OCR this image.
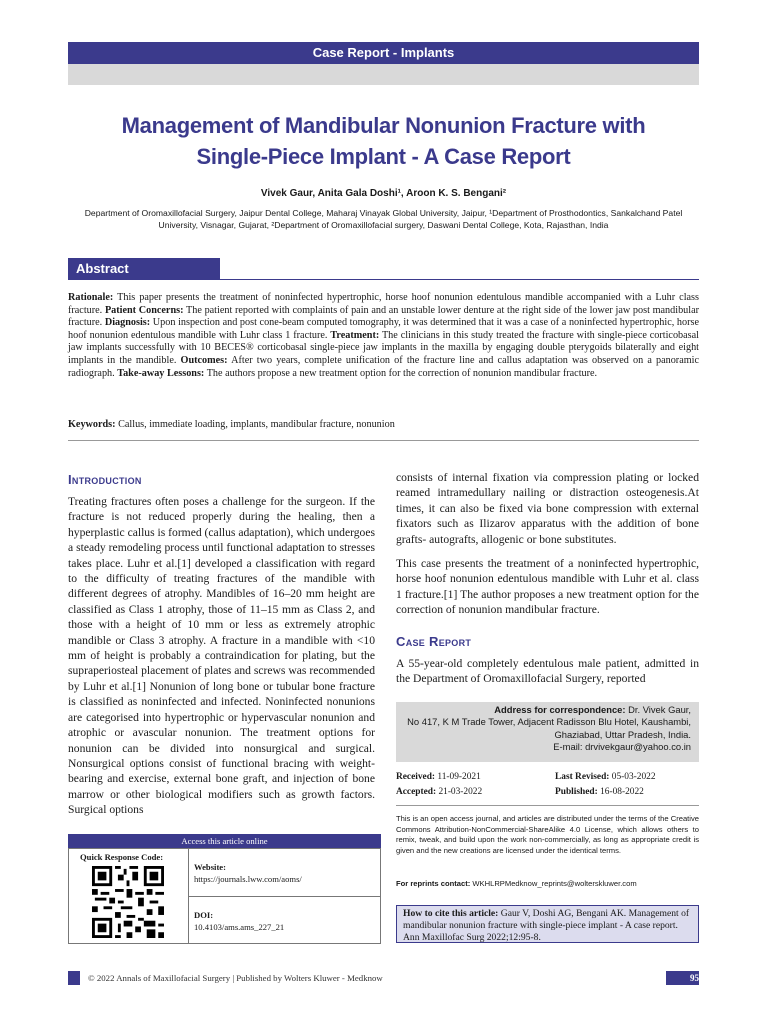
Case Report - Implants
Management of Mandibular Nonunion Fracture with
Single-Piece Implant - A Case Report
Vivek Gaur, Anita Gala Doshi¹, Aroon K. S. Bengani²
Department of Oromaxillofacial Surgery, Jaipur Dental College, Maharaj Vinayak Global University, Jaipur, ¹Department of Prosthodontics, Sankalchand Patel
University, Visnagar, Gujarat, ²Department of Oromaxillofacial surgery, Daswani Dental College, Kota, Rajasthan, India
Abstract
Rationale: This paper presents the treatment of noninfected hypertrophic, horse hoof nonunion edentulous mandible accompanied with a Luhr class fracture. Patient Concerns: The patient reported with complaints of pain and an unstable lower denture at the right side of the lower jaw post mandibular fracture. Diagnosis: Upon inspection and post cone-beam computed tomography, it was determined that it was a case of a noninfected hypertrophic, horse hoof nonunion edentulous mandible with Luhr class 1 fracture. Treatment: The clinicians in this study treated the fracture with single-piece corticobasal jaw implants successfully with 10 BECES® corticobasal single-piece jaw implants in the maxilla by engaging double pterygoids bilaterally and eight implants in the mandible. Outcomes: After two years, complete unification of the fracture line and callus adaptation was observed on a panoramic radiograph. Take-away Lessons: The authors propose a new treatment option for the correction of nonunion mandibular fracture.
Keywords: Callus, immediate loading, implants, mandibular fracture, nonunion
Introduction
Treating fractures often poses a challenge for the surgeon. If the fracture is not reduced properly during the healing, then a hyperplastic callus is formed (callus adaptation), which undergoes a steady remodeling process until functional adaptation to stresses takes place. Luhr et al.[1] developed a classification with regard to the difficulty of treating fractures of the mandible with different degrees of atrophy. Mandibles of 16–20 mm height are classified as Class 1 atrophy, those of 11–15 mm as Class 2, and those with a height of 10 mm or less as extremely atrophic mandible or Class 3 atrophy. A fracture in a mandible with <10 mm of height is probably a contraindication for plating, but the supraperiosteal placement of plates and screws was recommended by Luhr et al.[1] Nonunion of long bone or tubular bone fracture is classified as noninfected and infected. Noninfected nonunions are categorised into hypertrophic or hypervascular nonunion and atrophic or avascular nonunion. The treatment options for nonunion can be divided into nonsurgical and surgical. Nonsurgical options consist of functional bracing with weight-bearing and exercise, external bone graft, and injection of bone marrow or other biological modifiers such as growth factors. Surgical options
consists of internal fixation via compression plating or locked reamed intramedullary nailing or distraction osteogenesis.At times, it can also be fixed via bone compression with external fixators such as Ilizarov apparatus with the addition of bone grafts- autografts, allogenic or bone substitutes.
This case presents the treatment of a noninfected hypertrophic, horse hoof nonunion edentulous mandible with Luhr et al. class 1 fracture.[1] The author proposes a new treatment option for the correction of nonunion mandibular fracture.
Case Report
A 55-year-old completely edentulous male patient, admitted in the Department of Oromaxillofacial Surgery, reported
Address for correspondence: Dr. Vivek Gaur,
No 417, K M Trade Tower, Adjacent Radisson Blu Hotel, Kaushambi,
Ghaziabad, Uttar Pradesh, India.
E-mail: drvivekgaur@yahoo.co.in
Received: 11-09-2021	Last Revised: 05-03-2022
Accepted: 21-03-2022	Published: 16-08-2022
This is an open access journal, and articles are distributed under the terms of the Creative Commons Attribution-NonCommercial-ShareAlike 4.0 License, which allows others to remix, tweak, and build upon the work non-commercially, as long as appropriate credit is given and the new creations are licensed under the identical terms.
For reprints contact: WKHLRPMedknow_reprints@wolterskluwer.com
How to cite this article: Gaur V, Doshi AG, Bengani AK. Management of mandibular nonunion fracture with single-piece implant - A case report. Ann Maxillofac Surg 2022;12:95-8.
Access this article online
Quick Response Code:
Website:
https://journals.lww.com/aoms/
DOI:
10.4103/ams.ams_227_21
© 2022 Annals of Maxillofacial Surgery | Published by Wolters Kluwer - Medknow	95
